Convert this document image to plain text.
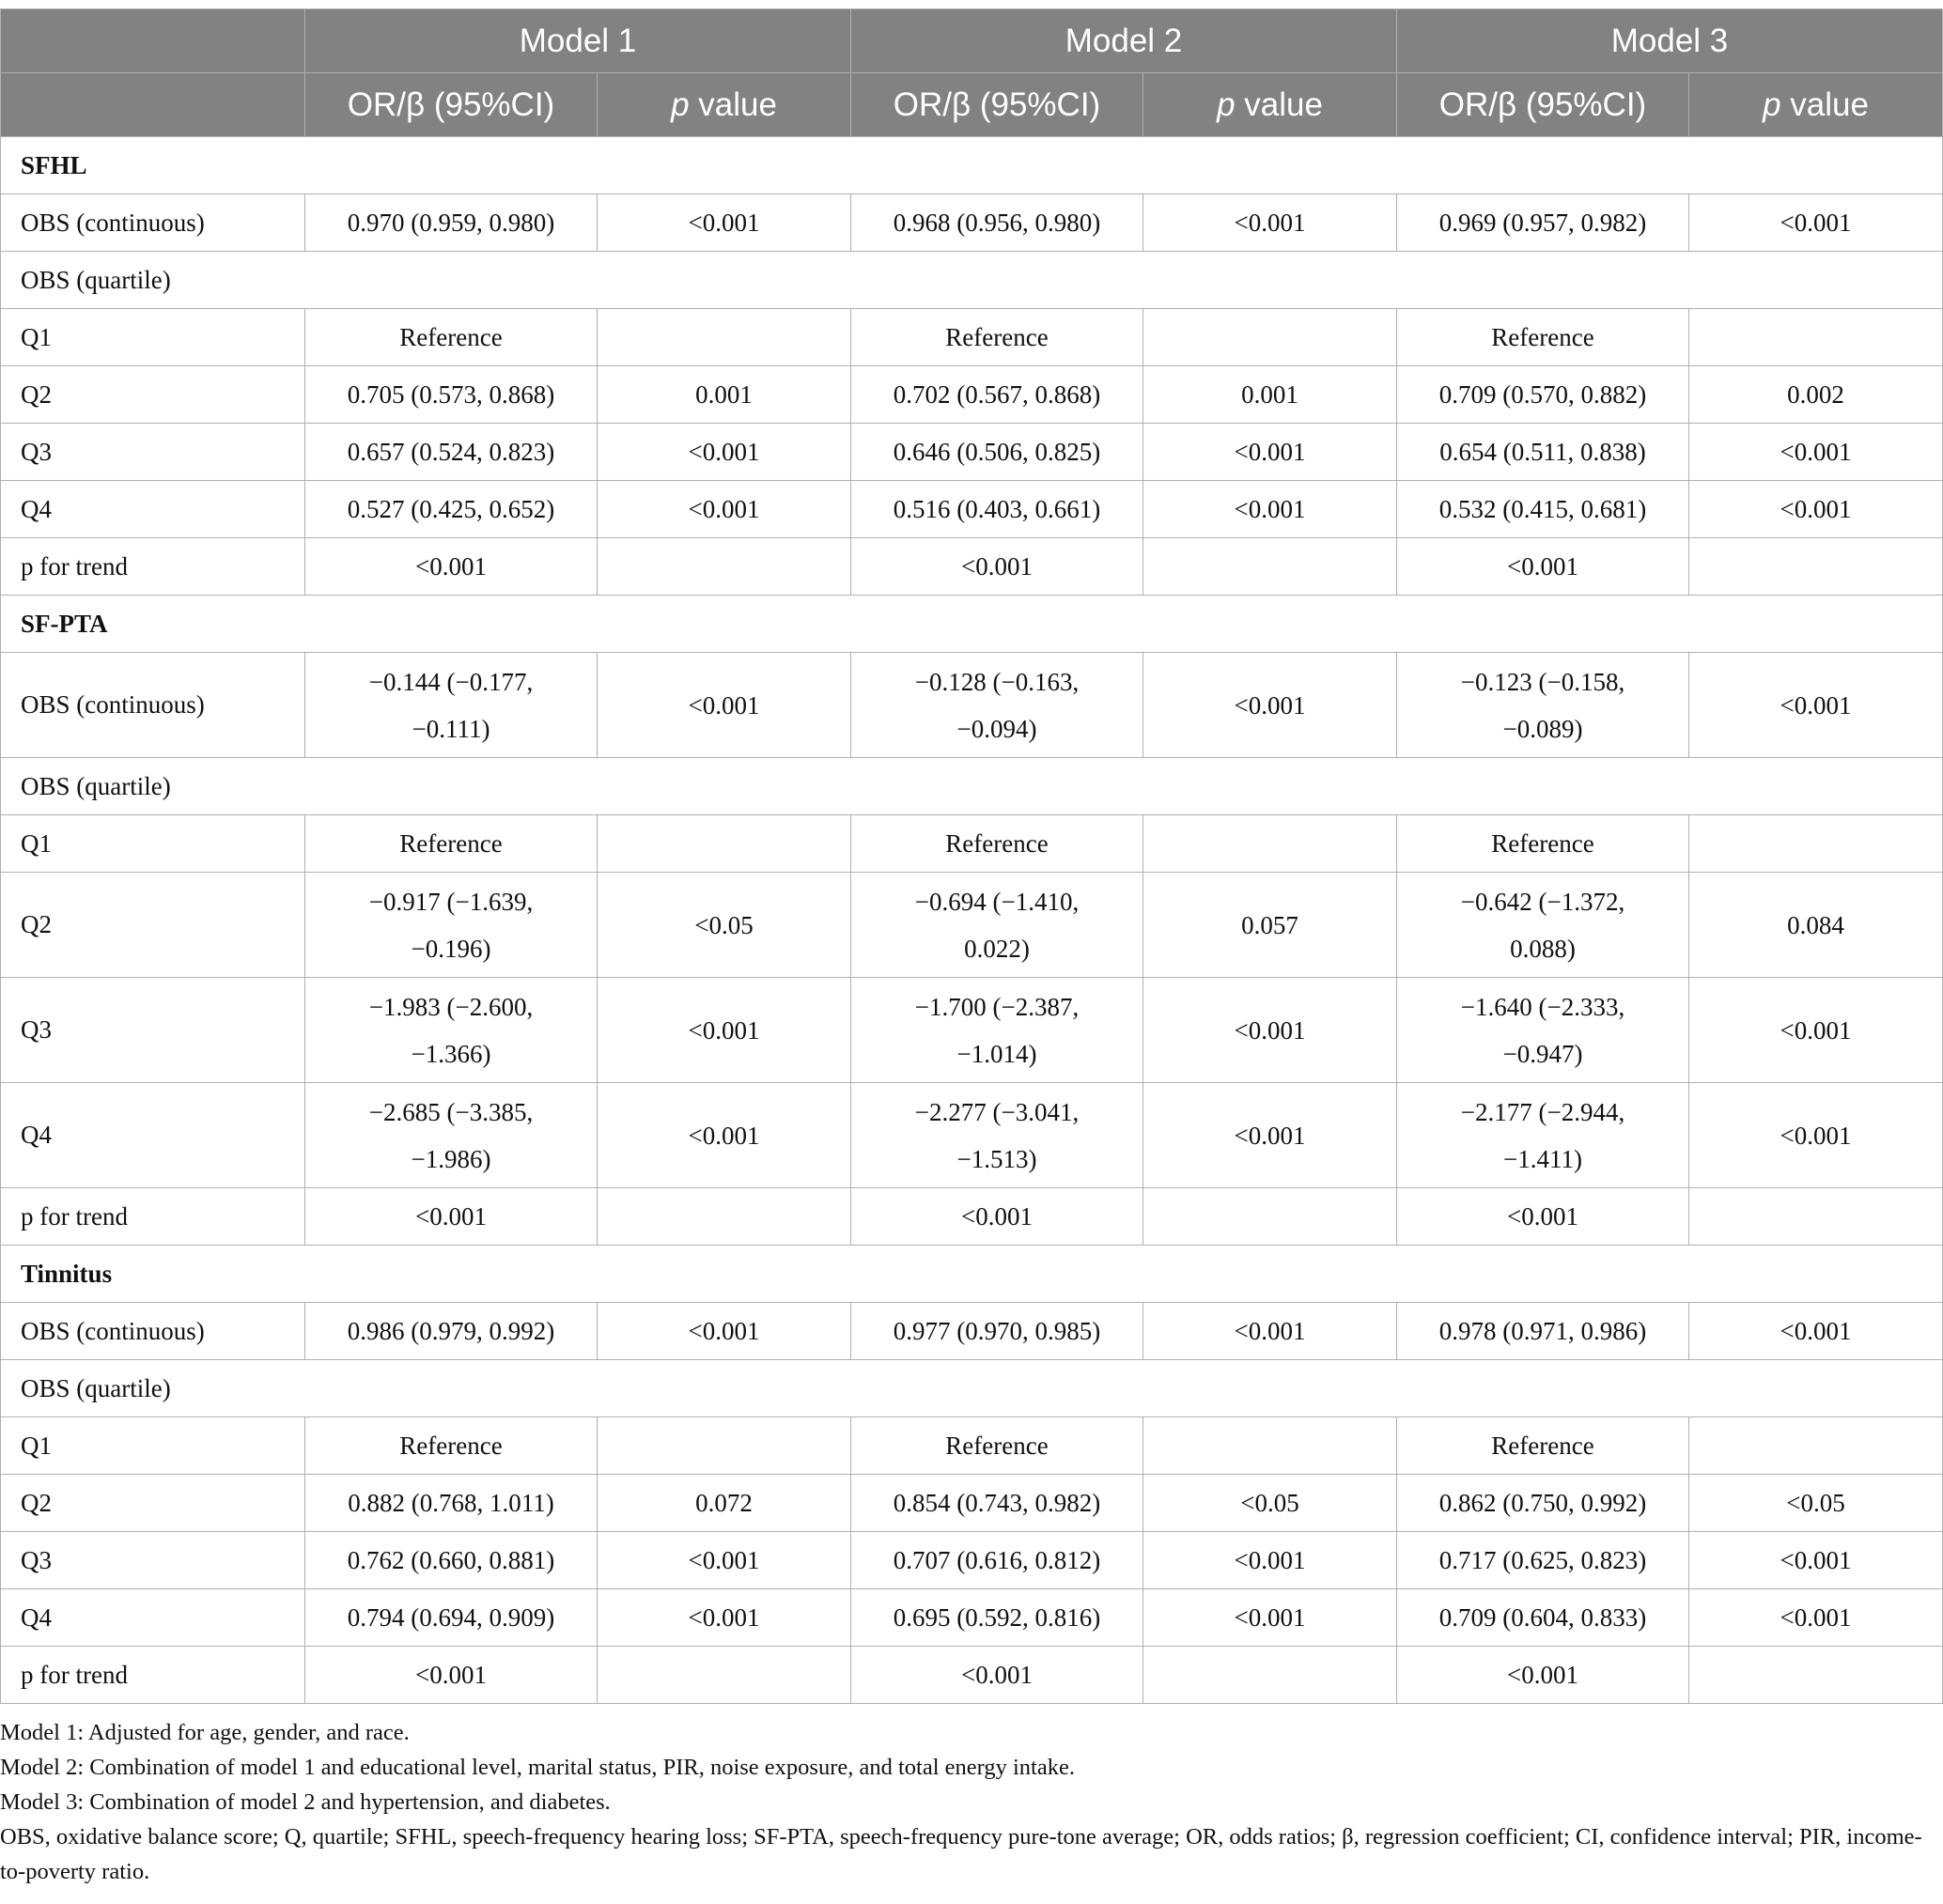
	Model 1		Model 2		Model 3	
	OR/β (95%CI)	p value	OR/β (95%CI)	p value	OR/β (95%CI)	p value
SFHL						
OBS (continuous)	0.970 (0.959, 0.980)	<0.001	0.968 (0.956, 0.980)	<0.001	0.969 (0.957, 0.982)	<0.001
OBS (quartile)						
Q1	Reference		Reference		Reference	
Q2	0.705 (0.573, 0.868)	0.001	0.702 (0.567, 0.868)	0.001	0.709 (0.570, 0.882)	0.002
Q3	0.657 (0.524, 0.823)	<0.001	0.646 (0.506, 0.825)	<0.001	0.654 (0.511, 0.838)	<0.001
Q4	0.527 (0.425, 0.652)	<0.001	0.516 (0.403, 0.661)	<0.001	0.532 (0.415, 0.681)	<0.001
p for trend	<0.001		<0.001		<0.001	
SF-PTA						
OBS (continuous)	−0.144 (−0.177, −0.111)	<0.001	−0.128 (−0.163, −0.094)	<0.001	−0.123 (−0.158, −0.089)	<0.001
OBS (quartile)						
Q1	Reference		Reference		Reference	
Q2	−0.917 (−1.639, −0.196)	<0.05	−0.694 (−1.410, 0.022)	0.057	−0.642 (−1.372, 0.088)	0.084
Q3	−1.983 (−2.600, −1.366)	<0.001	−1.700 (−2.387, −1.014)	<0.001	−1.640 (−2.333, −0.947)	<0.001
Q4	−2.685 (−3.385, −1.986)	<0.001	−2.277 (−3.041, −1.513)	<0.001	−2.177 (−2.944, −1.411)	<0.001
p for trend	<0.001		<0.001		<0.001	
Tinnitus						
OBS (continuous)	0.986 (0.979, 0.992)	<0.001	0.977 (0.970, 0.985)	<0.001	0.978 (0.971, 0.986)	<0.001
OBS (quartile)						
Q1	Reference		Reference		Reference	
Q2	0.882 (0.768, 1.011)	0.072	0.854 (0.743, 0.982)	<0.05	0.862 (0.750, 0.992)	<0.05
Q3	0.762 (0.660, 0.881)	<0.001	0.707 (0.616, 0.812)	<0.001	0.717 (0.625, 0.823)	<0.001
Q4	0.794 (0.694, 0.909)	<0.001	0.695 (0.592, 0.816)	<0.001	0.709 (0.604, 0.833)	<0.001
p for trend	<0.001		<0.001		<0.001	

Model 1: Adjusted for age, gender, and race.

Model 2: Combination of model 1 and educational level, marital status, PIR, noise exposure, and total energy intake.

Model 3: Combination of model 2 and hypertension, and diabetes.

OBS, oxidative balance score; Q, quartile; SFHL, speech-frequency hearing loss; SF-PTA, speech-frequency pure-tone average; OR, odds ratios; β, regression coefficient; CI, confidence interval; PIR, income-to-poverty ratio.
